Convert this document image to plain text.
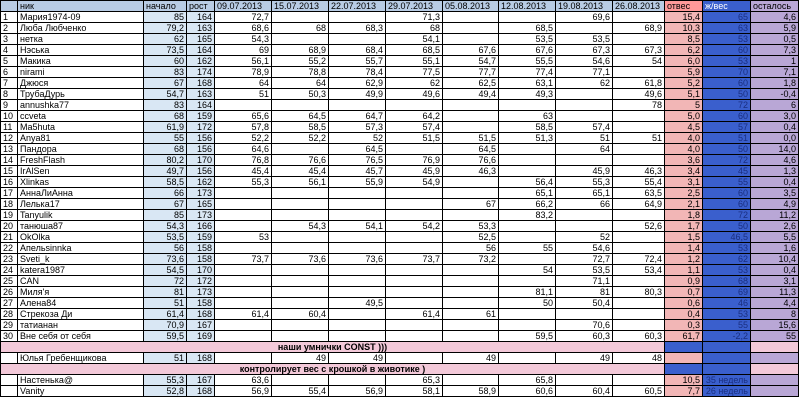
	ник	начало	рост	09.07.2013	15.07.2013	22.07.2013	29.07.2013	05.08.2013	12.08.2013	19.08.2013	26.08.2013	отвес	ж/вес	осталось	
1	Мария1974-09	85	164	72,7			71,3			69,6		15,4	65	4,6	
2	Люба Любченко	79,2	163	68,6	68	68,3	68		68,5		68,9	10,3	63	5,9	
3	нетка	62	165	54,3			54,1		53,5	53,5		8,5	53	0,5	
4	Нэська	73,5	164	69	68,9	68,4	68,5	67,6	67,6	67,3	67,3	6,2	60	7,3	
5	Макика	60	162	56,1	55,2	55,7	55,1	54,7	55,5	54,6	54	6,0	53	1	
6	nirami	83	174	78,9	78,8	78,4	77,5	77,7	77,4	77,1		5,9	70	7,1	
7	Джюся	67	168	64	64	62,9	62	62,5	63,1	62	61,8	5,2	60	1,8	
8	ТрубаДурь	54,7	163	51	50,3	49,9	49,6	49,4	49,3		49,6	5,1	50	-0,4	
9	annushka77	83	164								78	5	72	6	
10	ccveta	68	159	65,6	64,5	64,7	64,2		63			5,0	60	3,0	
11	Ma5huta	61,9	172	57,8	58,5	57,3	57,4		58,5	57,4		4,5	57	0,4	
12	Anya81	55	156	52,2	52,2	52	51,5	51,5	51,3	51	51	4,0	51	0,0	
13	Пандора	68	156	64,6		64,5		64,5		64		4,0	50	14,0	
14	FreshFlash	80,2	170	76,8	76,6	76,5	76,9	76,6				3,6	72	4,6	
15	IrAlSen	49,7	156	45,4	45,4	45,7	45,9	46,3		45,9	46,3	3,4	45	1,3	
16	Xlinkas	58,5	162	55,3	56,1	55,9	54,9		56,4	55,3	55,4	3,1	55	0,4	
17	АннаЛиАнна	66	173						65,1	65,1	63,5	2,5	60	3,5	
18	Лелька17	67	165					67	66,2	66	64,9	2,1	60	4,9	
19	Tanyulik	85	173						83,2			1,8	72	11,2	
20	танюша87	54,3	166		54,3	54,1	54,2	53,3			52,6	1,7	50	2,6	
21	OkOlka	53,5	159	53				52,5		52		1,5	46,5	5,5	
22	Апельsinnka	56	158					56	55	54,6		1,4	53	1,6	
23	Sveti_k	73,6	158	73,7	73,6	73,6	73,7	73,2		72,7	72,4	1,2	62	10,4	
24	katera1987	54,5	170						54	53,5	53,4	1,1	53	0,4	
25	CAN	72	172							71,1		0,9	68	3,1	
26	Миля'я	81	173						81,1	81	80,3	0,7	69	11,3	
27	Алена84	51	158			49,5			50	50,4		0,6	46	4,4	
28	Стрекоза Ди	61,4	168	61,4	60,4		61,4	61				0,4	53	8	
29	татианан	70,9	167							70,6		0,3	55	15,6	
30	Вне себя от себя	59,5	169						59,5	60,3	60,3	61,7	-2,2	55	
наши умнички CONST )))															
	Юлья Гребенщикова	51	168		49	49		49		49	48				
контролирует вес с крошкой в животике )															
	Настенька@	55,3	167	63,6			65,3		65,8			10,5	35 недель		
	Vanity	52,8	168	56,9	55,4	56,9	58,1	58,9	60,6	60,4	60,5	7,7	26 недель		
